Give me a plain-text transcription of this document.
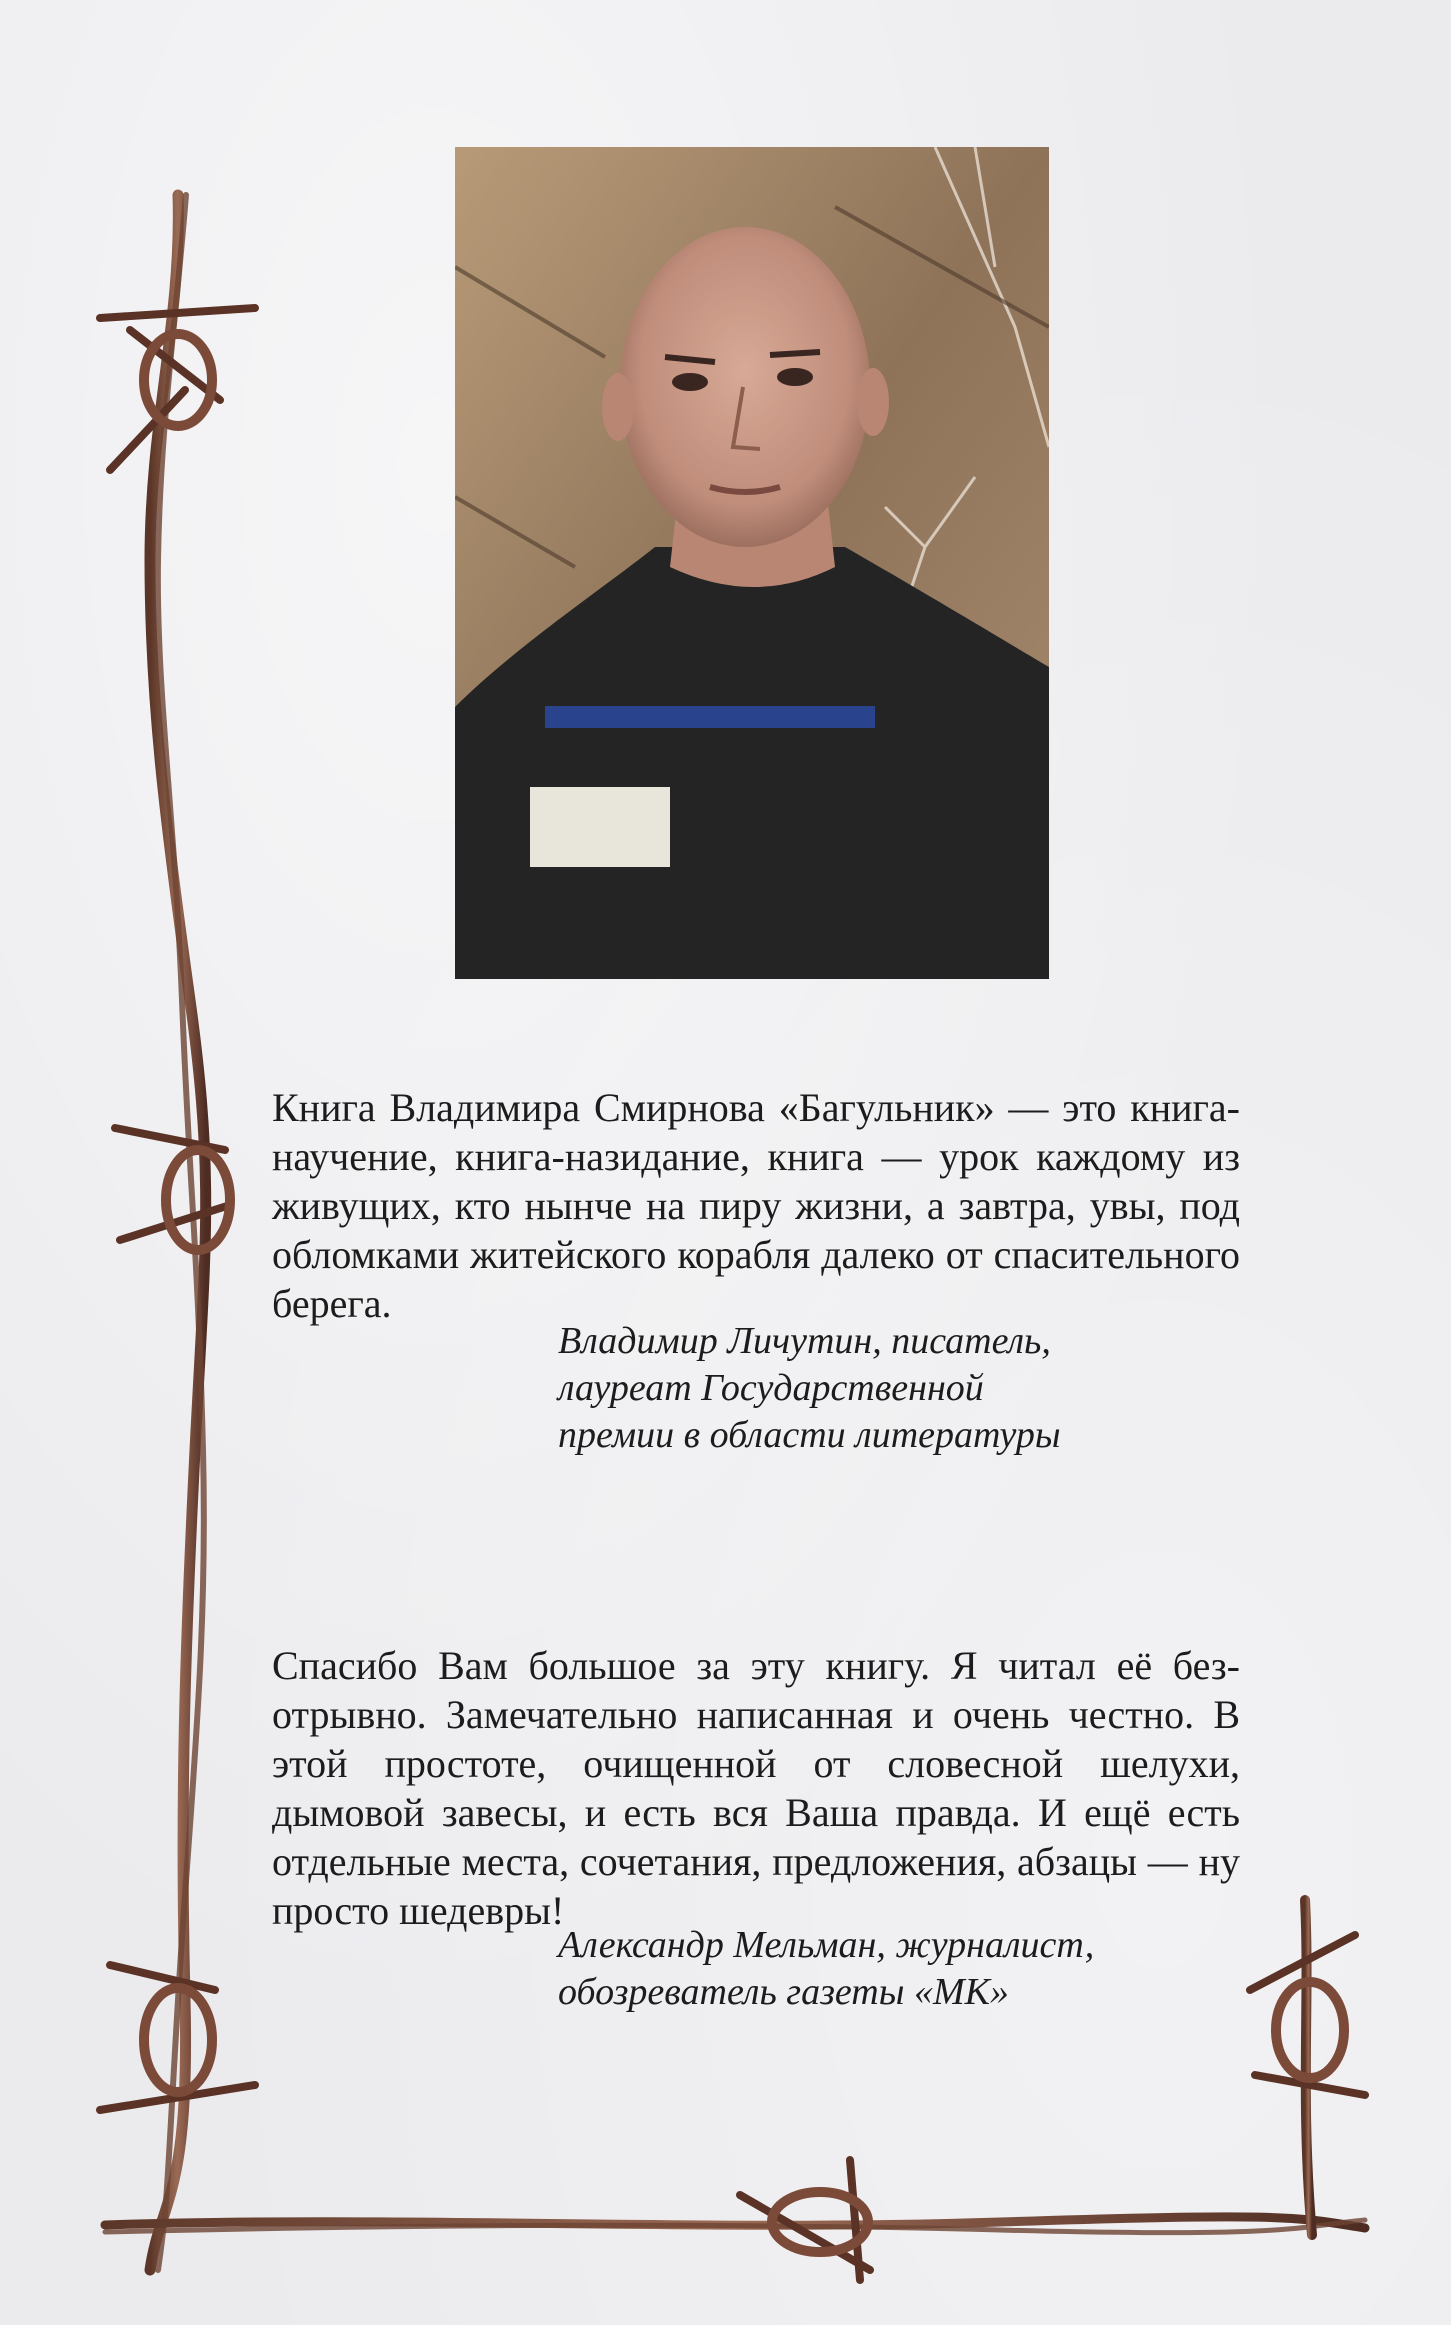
Книга Владимира Смирнова «Багульник» — это книга-научение, книга-назидание, книга — урок каждому из живущих, кто нынче на пиру жизни, а завтра, увы, под обломками житейского корабля далеко от спасительного берега.

Владимир Личутин, писатель,
лауреат Государственной
премии в области литературы

Спасибо Вам большое за эту книгу. Я читал её без-отрывно. Замечательно написанная и очень честно. В этой простоте, очищенной от словесной шелухи, дымовой завесы, и есть вся Ваша правда. И ещё есть отдельные места, сочетания, предложения, абзацы — ну просто шедевры!

Александр Мельман, журналист,
обозреватель газеты «МК»
